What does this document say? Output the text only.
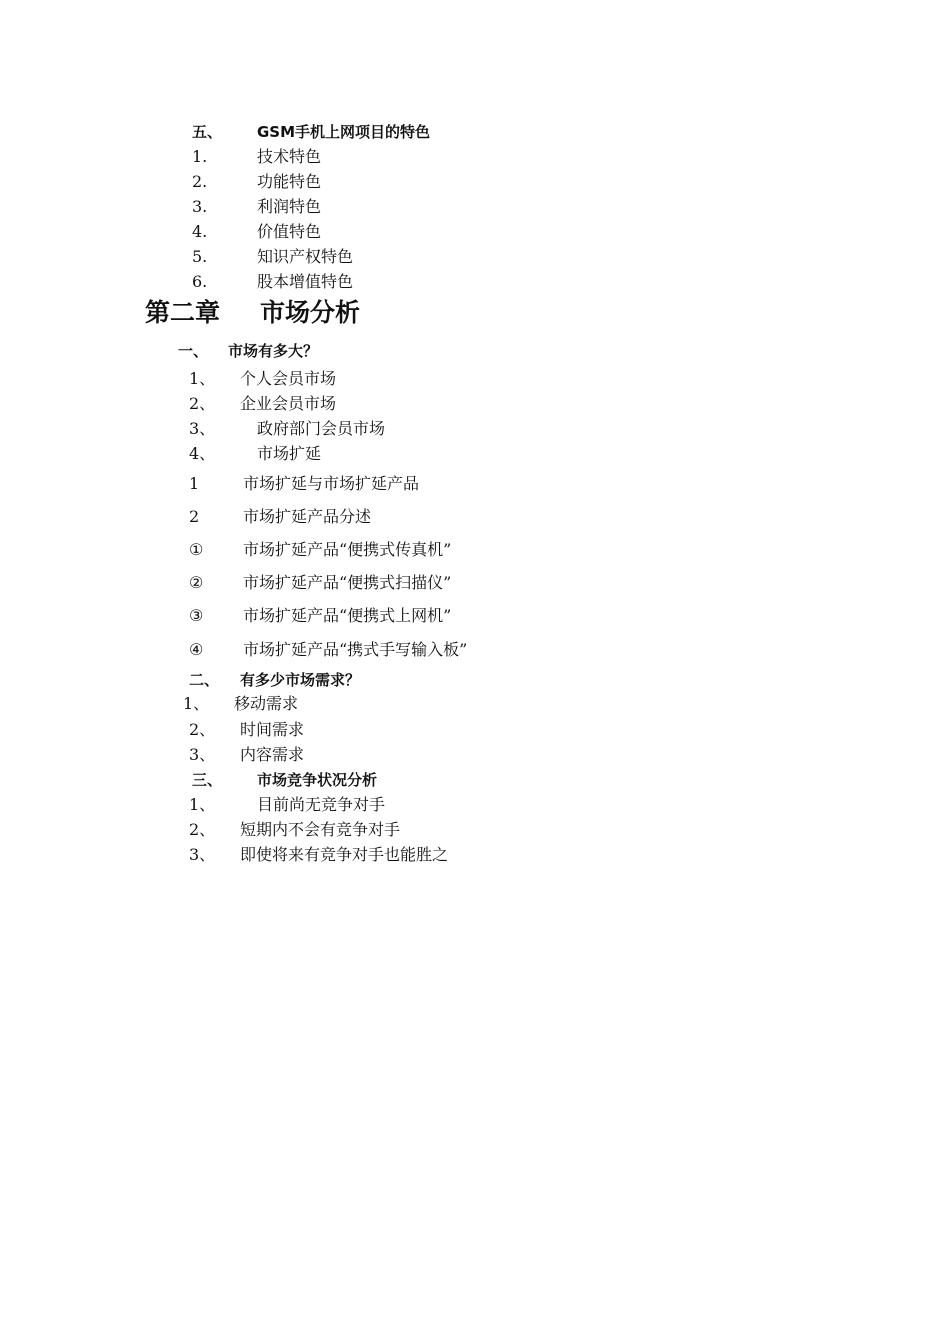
五、 GSM手机上网项目的特色
1.	技术特色
2.	功能特色
3.	利润特色
4.	价值特色
5.	知识产权特色
6.	股本增值特色
第二章 市场分析
一、 市场有多大？
1、 个人会员市场
2、 企业会员市场
3、	政府部门会员市场
4、	市场扩延
1	市场扩延与市场扩延产品
2	市场扩延产品分述
① 市场扩延产品“便携式传真机”
② 市场扩延产品“便携式扫描仪”
③ 市场扩延产品“便携式上网机”
④ 市场扩延产品“携式手写输入板”
二、 有多少市场需求？
1、 移动需求
2、 时间需求
3、 内容需求
三、 市场竞争状况分析
1、	目前尚无竞争对手
2、 短期内不会有竞争对手
3、 即使将来有竞争对手也能胜之
